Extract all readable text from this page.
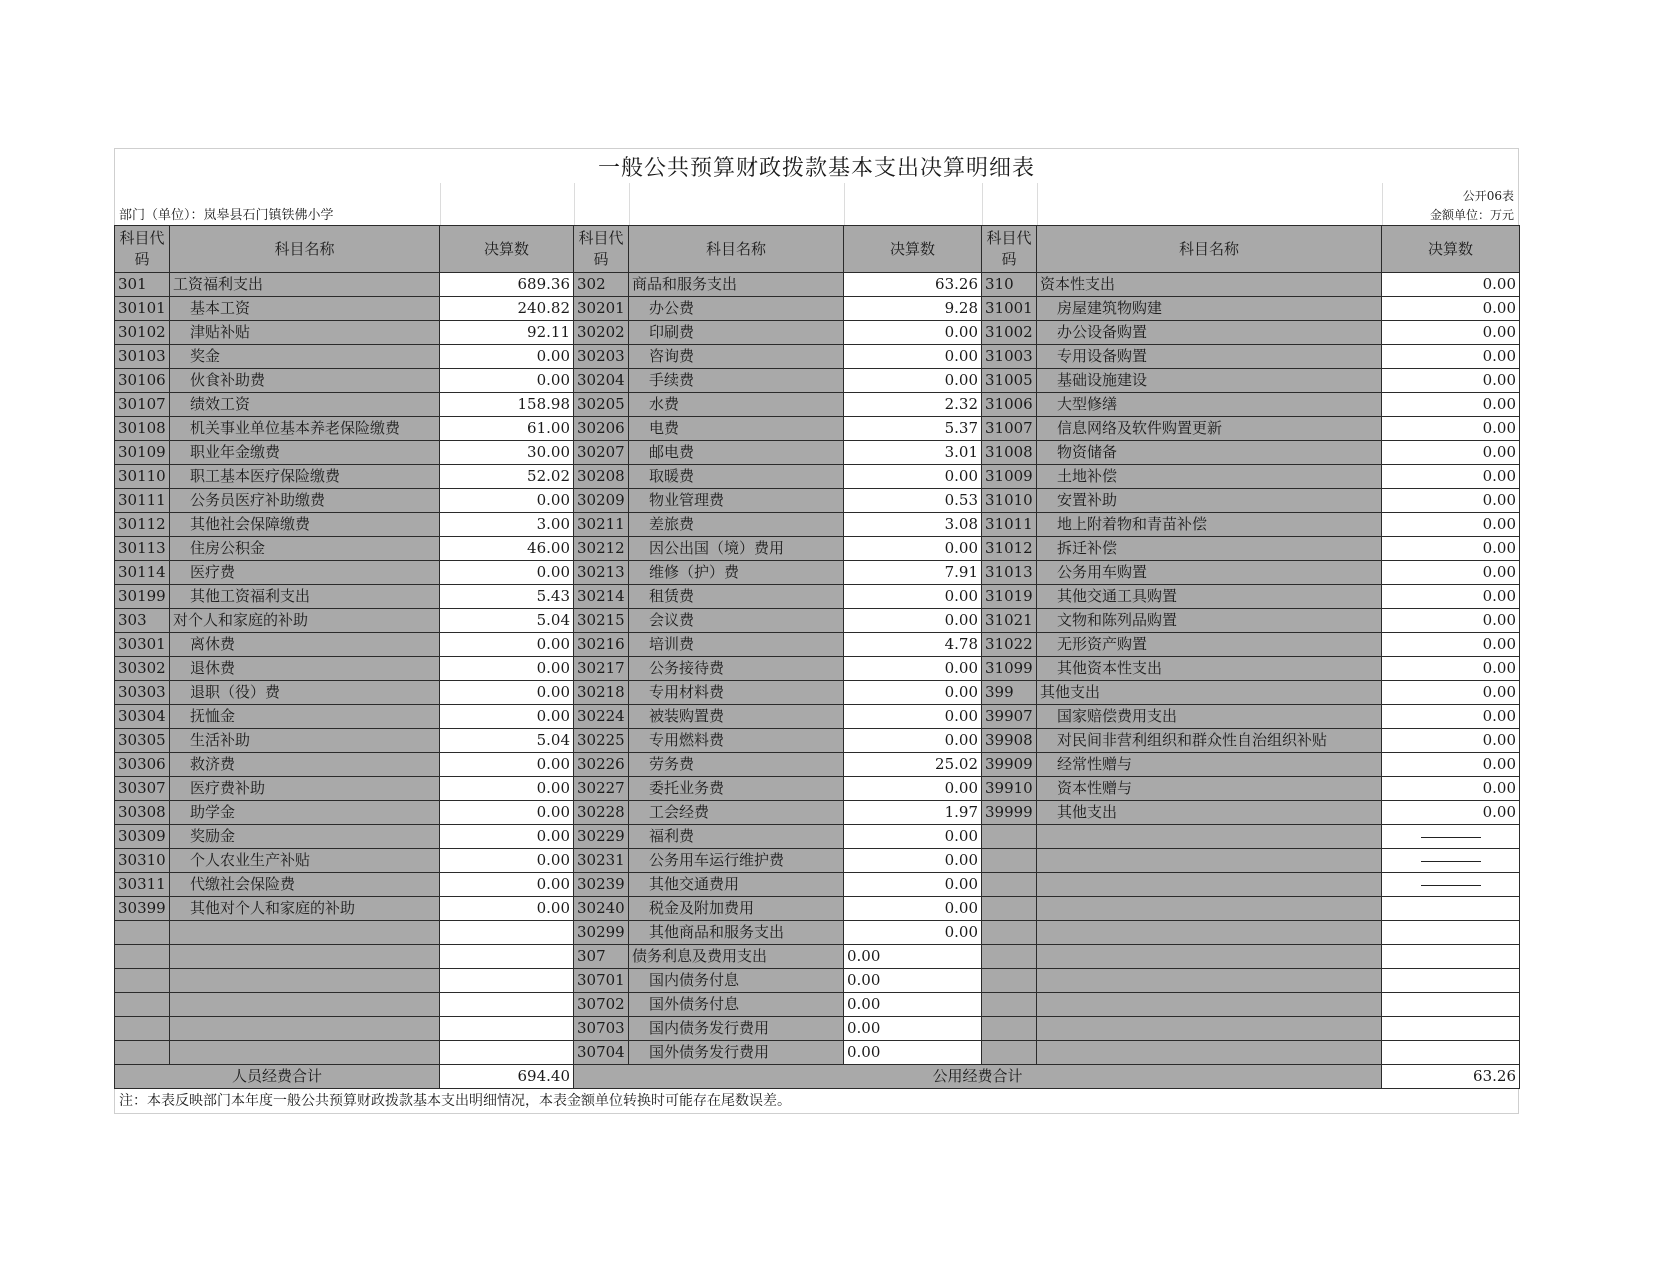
一般公共预算财政拨款基本支出决算明细表
部门（单位）：岚皋县石门镇铁佛小学
公开06表
金额单位：万元
科目代码	科目名称	决算数	科目代码	科目名称	决算数	科目代码	科目名称	决算数
301	工资福利支出	689.36	302	商品和服务支出	63.26	310	资本性支出	0.00
30101	基本工资	240.82	30201	办公费	9.28	31001	房屋建筑物购建	0.00
30102	津贴补贴	92.11	30202	印刷费	0.00	31002	办公设备购置	0.00
30103	奖金	0.00	30203	咨询费	0.00	31003	专用设备购置	0.00
30106	伙食补助费	0.00	30204	手续费	0.00	31005	基础设施建设	0.00
30107	绩效工资	158.98	30205	水费	2.32	31006	大型修缮	0.00
30108	机关事业单位基本养老保险缴费	61.00	30206	电费	5.37	31007	信息网络及软件购置更新	0.00
30109	职业年金缴费	30.00	30207	邮电费	3.01	31008	物资储备	0.00
30110	职工基本医疗保险缴费	52.02	30208	取暖费	0.00	31009	土地补偿	0.00
30111	公务员医疗补助缴费	0.00	30209	物业管理费	0.53	31010	安置补助	0.00
30112	其他社会保障缴费	3.00	30211	差旅费	3.08	31011	地上附着物和青苗补偿	0.00
30113	住房公积金	46.00	30212	因公出国（境）费用	0.00	31012	拆迁补偿	0.00
30114	医疗费	0.00	30213	维修（护）费	7.91	31013	公务用车购置	0.00
30199	其他工资福利支出	5.43	30214	租赁费	0.00	31019	其他交通工具购置	0.00
303	对个人和家庭的补助	5.04	30215	会议费	0.00	31021	文物和陈列品购置	0.00
30301	离休费	0.00	30216	培训费	4.78	31022	无形资产购置	0.00
30302	退休费	0.00	30217	公务接待费	0.00	31099	其他资本性支出	0.00
30303	退职（役）费	0.00	30218	专用材料费	0.00	399	其他支出	0.00
30304	抚恤金	0.00	30224	被装购置费	0.00	39907	国家赔偿费用支出	0.00
30305	生活补助	5.04	30225	专用燃料费	0.00	39908	对民间非营利组织和群众性自治组织补贴	0.00
30306	救济费	0.00	30226	劳务费	25.02	39909	经常性赠与	0.00
30307	医疗费补助	0.00	30227	委托业务费	0.00	39910	资本性赠与	0.00
30308	助学金	0.00	30228	工会经费	1.97	39999	其他支出	0.00
30309	奖励金	0.00	30229	福利费	0.00			
30310	个人农业生产补贴	0.00	30231	公务用车运行维护费	0.00			
30311	代缴社会保险费	0.00	30239	其他交通费用	0.00			
30399	其他对个人和家庭的补助	0.00	30240	税金及附加费用	0.00			
			30299	其他商品和服务支出	0.00			
			307	债务利息及费用支出	0.00			
			30701	国内债务付息	0.00			
			30702	国外债务付息	0.00			
			30703	国内债务发行费用	0.00			
			30704	国外债务发行费用	0.00			
人员经费合计		694.40	公用经费合计					63.26
注：本表反映部门本年度一般公共预算财政拨款基本支出明细情况，本表金额单位转换时可能存在尾数误差。
